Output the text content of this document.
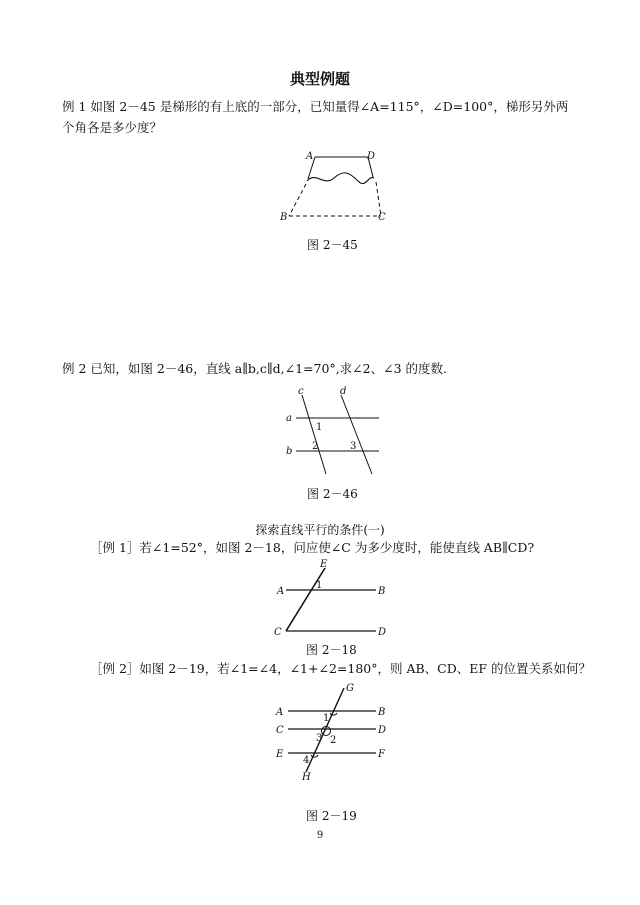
典型例题
例 1 如图 2－45 是梯形的有上底的一部分，已知量得∠A=115°，∠D=100°，梯形另外两
个角各是多少度？
A	D
B	C
图 2－45
例 2 已知，如图 2－46，直线 a∥b,c∥d,∠1=70°,求∠2、∠3 的度数.
c	d
a
b
1
2	3
图 2－46
探索直线平行的条件(一)
［例 1］若∠1=52°，如图 2－18，问应使∠C 为多少度时，能使直线 AB∥CD?
E
A	B
C	D
1
图 2－18
［例 2］如图 2－19，若∠1=∠4，∠1+∠2=180°，则 AB、CD、EF 的位置关系如何？
G
A	B
C	D
E	F
H
1
2
3
4
图 2－19
9
